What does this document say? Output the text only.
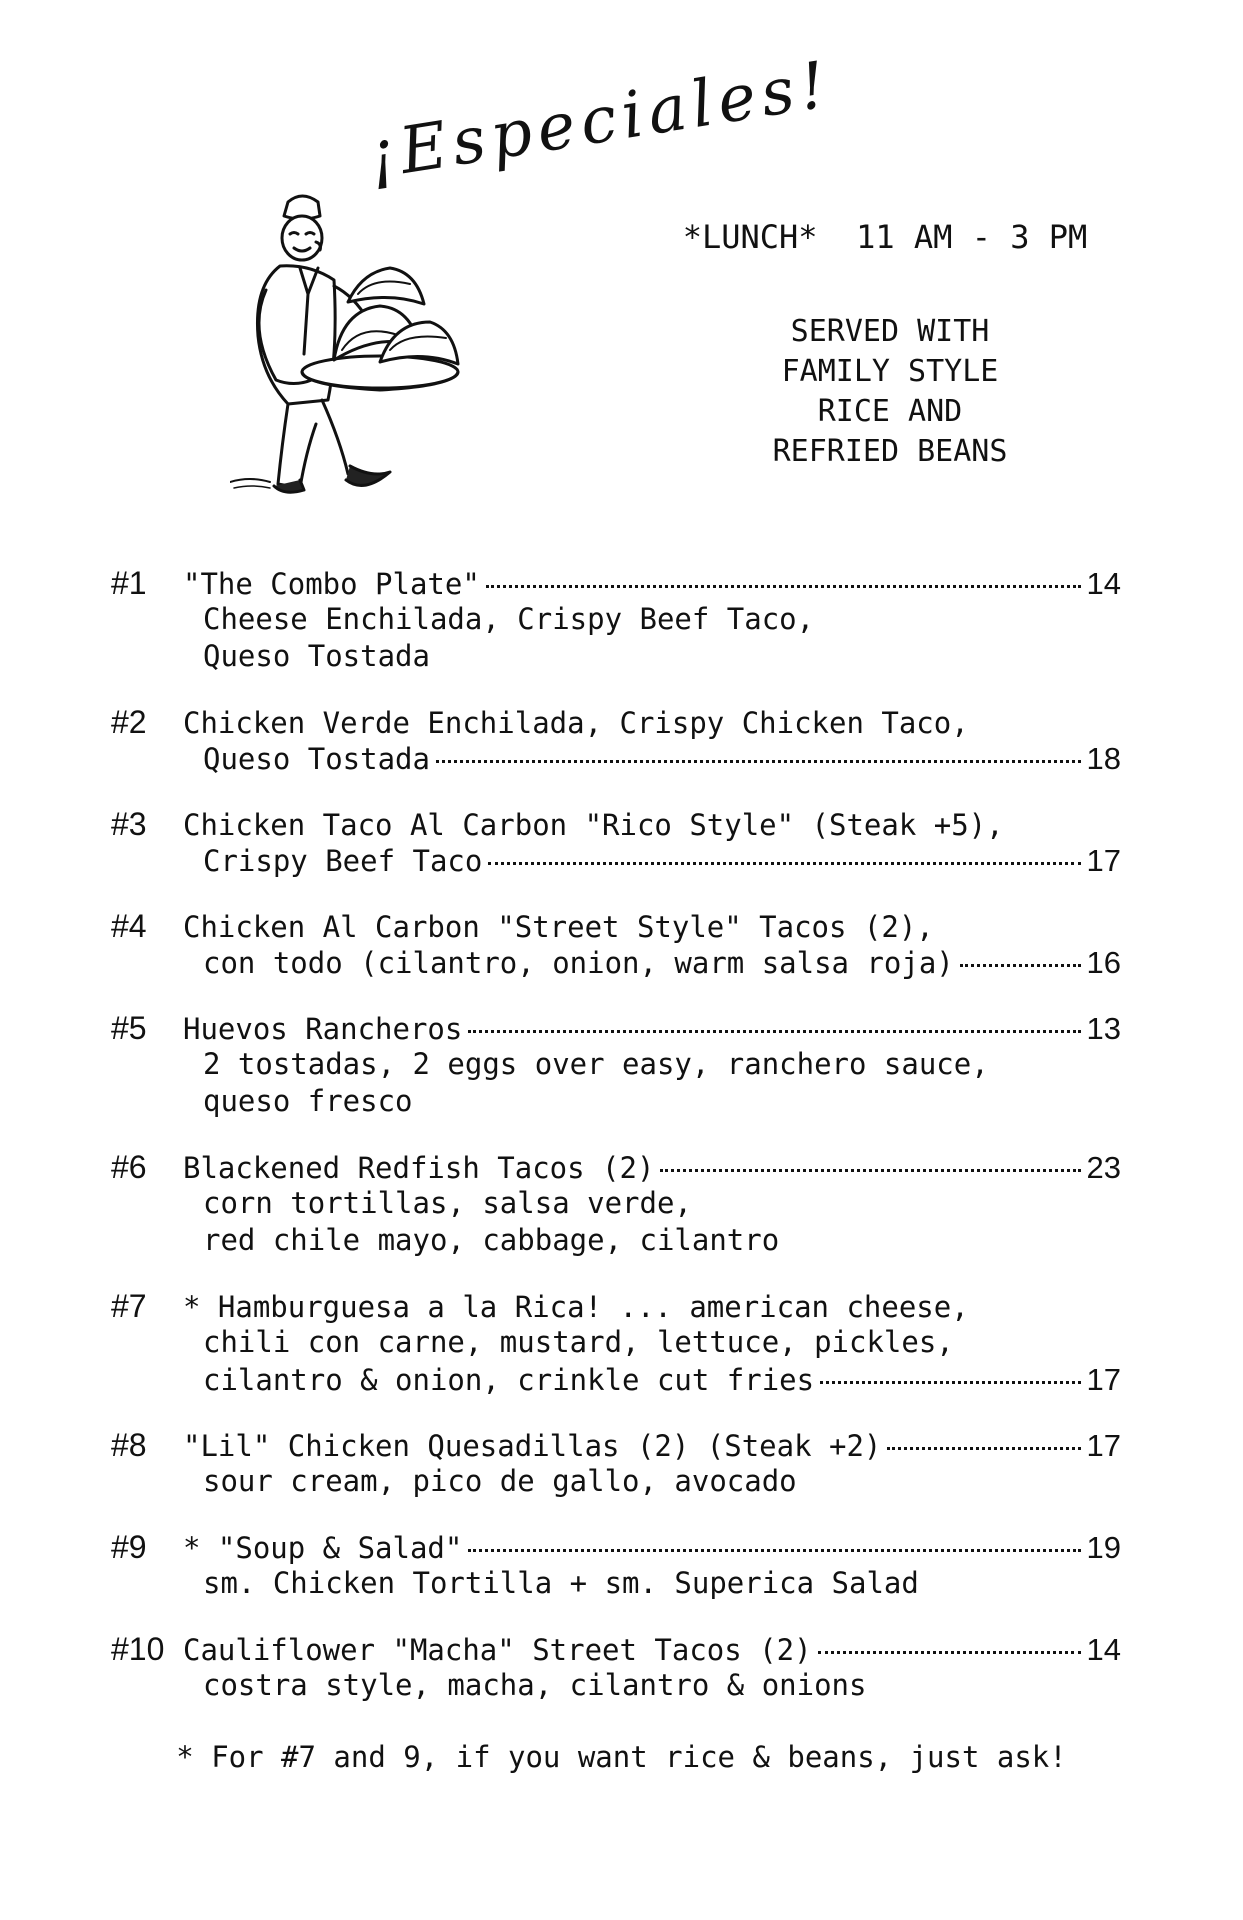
¡Especiales!
*LUNCH*  11 AM - 3 PM
SERVED WITH
FAMILY STYLE
RICE AND
REFRIED BEANS
#1	"The Combo Plate"	14
Cheese Enchilada, Crispy Beef Taco,
Queso Tostada
#2	Chicken Verde Enchilada, Crispy Chicken Taco,
Queso Tostada	18
#3	Chicken Taco Al Carbon "Rico Style" (Steak +5),
Crispy Beef Taco	17
#4	Chicken Al Carbon "Street Style" Tacos (2),
con todo (cilantro, onion, warm salsa roja)	16
#5	Huevos Rancheros	13
2 tostadas, 2 eggs over easy, ranchero sauce,
queso fresco
#6	Blackened Redfish Tacos (2)	23
corn tortillas, salsa verde,
red chile mayo, cabbage, cilantro
#7	* Hamburguesa a la Rica! ... american cheese,
chili con carne, mustard, lettuce, pickles,
cilantro & onion, crinkle cut fries	17
#8	"Lil" Chicken Quesadillas (2) (Steak +2)	17
sour cream, pico de gallo, avocado
#9	* "Soup & Salad"	19
sm. Chicken Tortilla + sm. Superica Salad
#10 Cauliflower "Macha" Street Tacos (2)	14
costra style, macha, cilantro & onions
* For #7 and 9, if you want rice & beans, just ask!
